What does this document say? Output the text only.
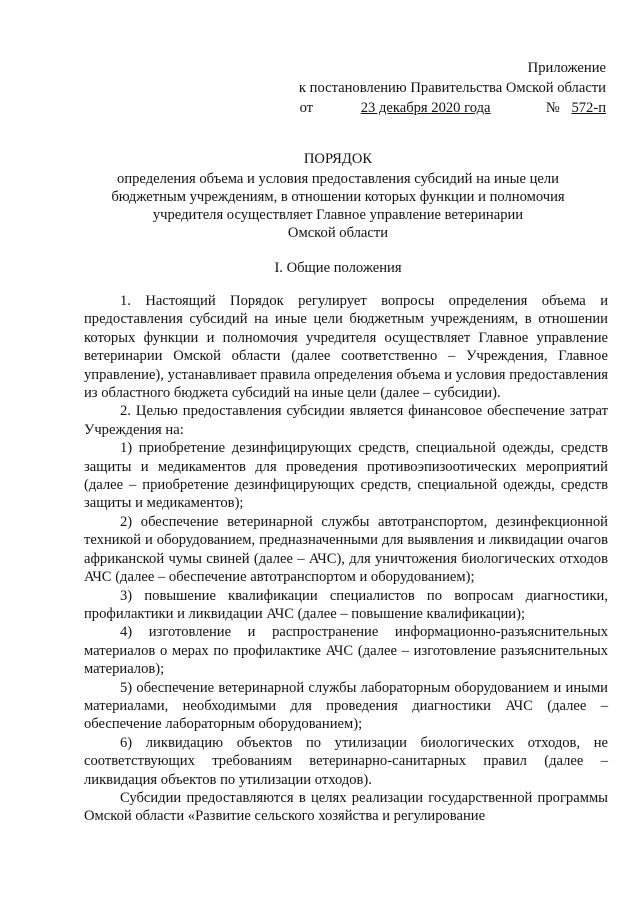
Приложение
к постановлению Правительства Омской области
от	23 декабря 2020 года	№ 572-п
ПОРЯДОК
определения объема и условия предоставления субсидий на иные цели
бюджетным учреждениям, в отношении которых функции и полномочия
учредителя осуществляет Главное управление ветеринарии
Омской области
I. Общие положения

1. Настоящий Порядок регулирует вопросы определения объема и предоставления субсидий на иные цели бюджетным учреждениям, в отношении которых функции и полномочия учредителя осуществляет Главное управление ветеринарии Омской области (далее соответственно – Учреждения, Главное управление), устанавливает правила определения объема и условия предоставления из областного бюджета субсидий на иные цели (далее – субсидии).

2. Целью предоставления субсидии является финансовое обеспечение затрат Учреждения на:

1) приобретение дезинфицирующих средств, специальной одежды, средств защиты и медикаментов для проведения противоэпизоотических мероприятий (далее – приобретение дезинфицирующих средств, специальной одежды, средств защиты и медикаментов);

2) обеспечение ветеринарной службы автотранспортом, дезинфекционной техникой и оборудованием, предназначенными для выявления и ликвидации очагов африканской чумы свиней (далее – АЧС), для уничтожения биологических отходов АЧС (далее – обеспечение автотранспортом и оборудованием);

3) повышение квалификации специалистов по вопросам диагностики, профилактики и ликвидации АЧС (далее – повышение квалификации);

4) изготовление и распространение информационно-разъяснительных материалов о мерах по профилактике АЧС (далее – изготовление разъяснительных материалов);

5) обеспечение ветеринарной службы лабораторным оборудованием и иными материалами, необходимыми для проведения диагностики АЧС (далее – обеспечение лабораторным оборудованием);

6) ликвидацию объектов по утилизации биологических отходов, не соответствующих требованиям ветеринарно-санитарных правил (далее – ликвидация объектов по утилизации отходов).

Субсидии предоставляются в целях реализации государственной программы Омской области «Развитие сельского хозяйства и регулирование
